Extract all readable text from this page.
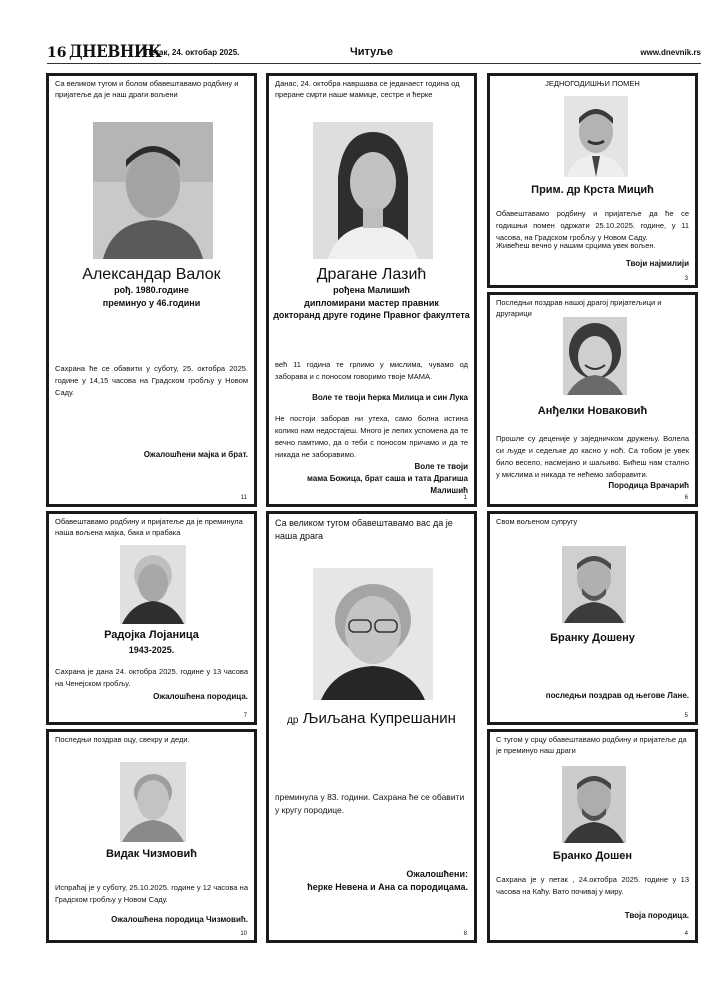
16 ДНЕВНИК
Петак, 24. октобар 2025.	Читуље	www.dnevnik.rs
Са великом тугом и болом обавештавамо родбину и пријатеље да је наш драги вољени
Александар Валок
рођ. 1980.године
преминуо у 46.години
Сахрана ће се обавити у суботу, 25. октобра 2025. године у 14,15 часова на Градском гробљу у Новом Саду.
Ожалошћени мајка и брат.
11
Данас, 24. октобра навршава се једанаест година од преране смрти наше мамице, сестре и ћерке
Драгане Лазић
рођена Малишић
дипломирани мастер правник
докторанд друге године Правног факултета
већ 11 година те грлимо у мислима, чувамо од заборава и с поносом говоримо твоје МАМА.
Воле те твоји ћерка Милица и син Лука
Не постоји заборав ни утеха, само болна истина колико нам недостајеш. Много је лепих успомена да те вечно памтимо, да о теби с поносом причамо и да те никада не заборавимо.
Воле те твоји
мама Божица, брат саша и тата Драгиша Малишић
1
ЈЕДНОГОДИШЊИ ПОМЕН
Прим. др Крста Мицић
Обавештавамо родбину и пријатеље да ће се годишњи помен одржати 25.10.2025. године, у 11 часова, на Градском гробљу у Новом Саду.
Живећеш вечно у нашим срцима увек вољен.
Твоји најмилији
3
Последњи поздрав нашој драгој пријатељици и другарици
Анђелки Новаковић
Прошле су деценије у заједничком дружењу. Волела си људе и седељке до касно у ноћ. Са тобом је увек било весело, насмејано и шаљиво. Бићеш нам стално у мислима и никада те нећемо заборавити.
Породица Врачарић
6
Обавештавамо родбину и пријатеље да је преминула наша вољена мајка, бака и прабака
Радојка Лојаница
1943-2025.
Сахрана је дана 24. октобра 2025. године у 13 часова на Ченејском гробљу.
Ожалошћена породица.
7
Са великом тугом обавештавамо вас да је наша драга
др Љиљана Купрешанин
преминула у 83. години. Сахрана ће се обавити у кругу породице.
Ожалошћени:
ћерке Невена и Ана са породицама.
8
Свом вољеном супругу
Бранку Дошену
последњи поздрав од његове Лане.
5
Последњи поздрав оцу, свекру и деди.
Видак Чизмовић
Испраћај је у суботу, 25.10.2025. године у 12 часова на Градском гробљу у Новом Саду.
Ожалошћена породица Чизмовић.
10
С тугом у срцу обавештавамо родбину и пријатеље да је преминуо наш драги
Бранко Дошен
Сахрана је у петак , 24.октобра 2025. године у 13 часова на Каћу. Вато почивај у миру.
Твоја породица.
4
